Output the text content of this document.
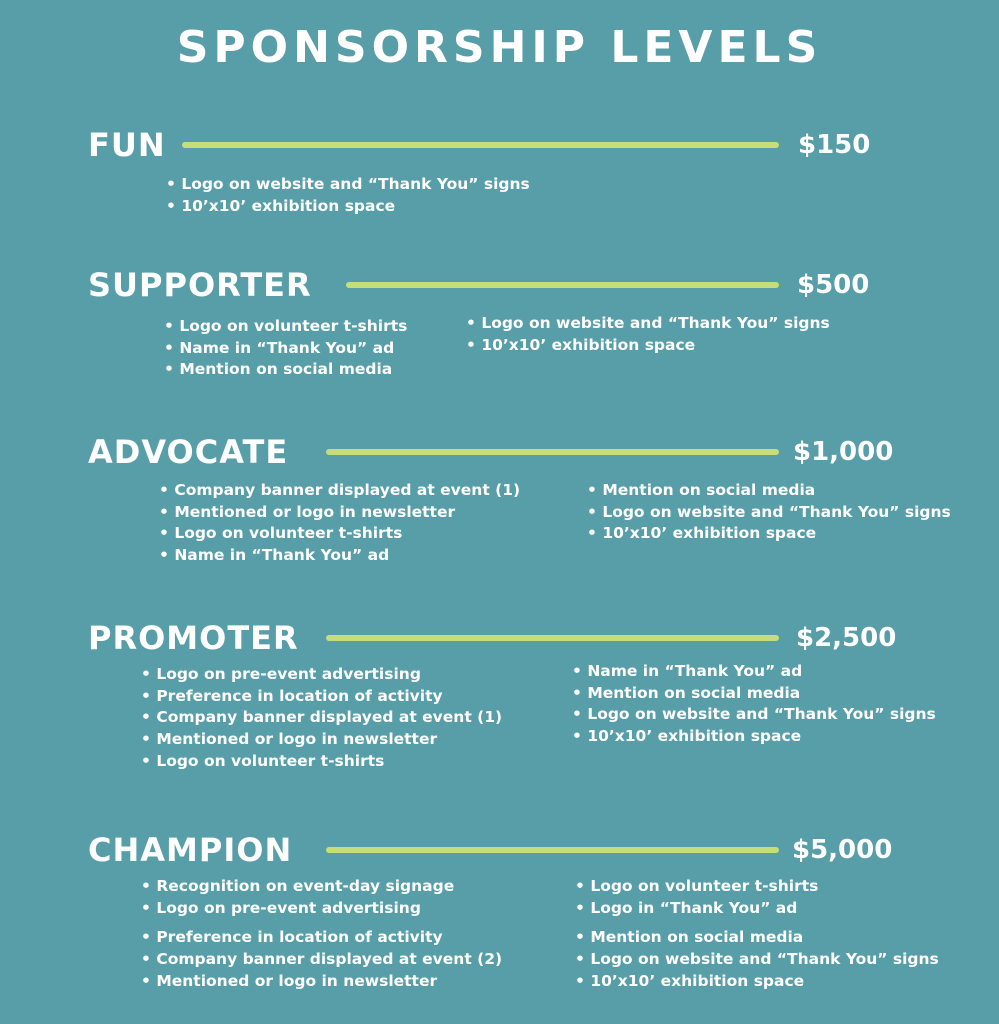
SPONSORSHIP LEVELS
FUN	$150
• Logo on website and “Thank You” signs
• 10’x10’ exhibition space
SUPPORTER	$500
• Logo on volunteer t-shirts
• Name in “Thank You” ad
• Mention on social media
• Logo on website and “Thank You” signs
• 10’x10’ exhibition space
ADVOCATE	$1,000
• Company banner displayed at event (1)
• Mentioned or logo in newsletter
• Logo on volunteer t-shirts
• Name in “Thank You” ad
• Mention on social media
• Logo on website and “Thank You” signs
• 10’x10’ exhibition space
PROMOTER	$2,500
• Logo on pre-event advertising
• Preference in location of activity
• Company banner displayed at event (1)
• Mentioned or logo in newsletter
• Logo on volunteer t-shirts
• Name in “Thank You” ad
• Mention on social media
• Logo on website and “Thank You” signs
• 10’x10’ exhibition space
CHAMPION	$5,000
• Recognition on event-day signage
• Logo on pre-event advertising
• Preference in location of activity
• Company banner displayed at event (2)
• Mentioned or logo in newsletter
• Logo on volunteer t-shirts
• Logo in “Thank You” ad
• Mention on social media
• Logo on website and “Thank You” signs
• 10’x10’ exhibition space
